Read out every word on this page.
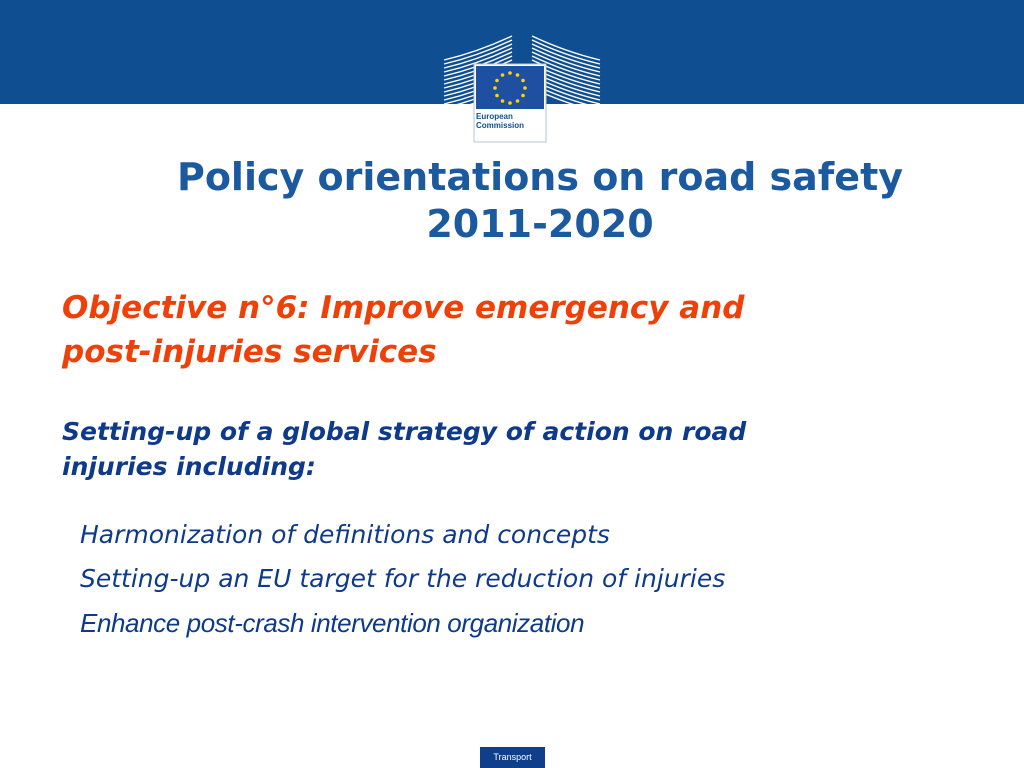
European
Commission
Policy orientations on road safety
2011-2020
Objective n°6: Improve emergency and
post-injuries services
Setting-up of a global strategy of action on road
injuries including:
Harmonization of definitions and concepts
Setting-up an EU target for the reduction of injuries
Enhance post-crash intervention organization
Transport
